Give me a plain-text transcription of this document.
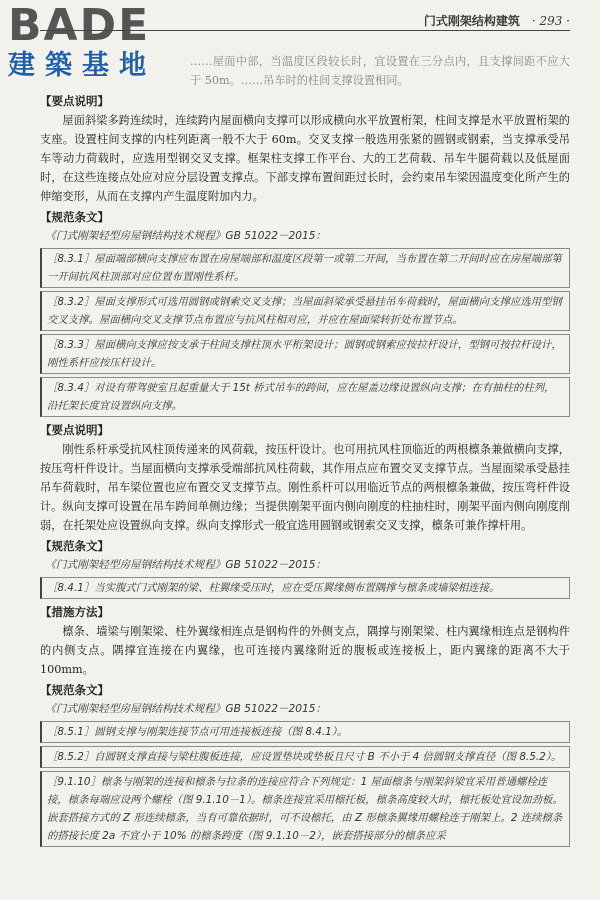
BADE
建築基地
门式刚架结构建筑 · 293 ·

……屋面中部，当温度区段较长时，宜设置在三分点内，且支撑间距不应大于 50m。……吊车时的柱间支撑设置相同。

【要点说明】
屋面斜梁多跨连续时，连续跨内屋面横向支撑可以形成横向水平放置桁架，柱间支撑是水平放置桁架的支座。设置柱间支撑的内柱列距离一般不大于 60m。交叉支撑一般选用张紧的圆钢或钢索，当支撑承受吊车等动力荷载时，应选用型钢交叉支撑。框架柱支撑工作平台、大的工艺荷载、吊车牛腿荷载以及低屋面时，在这些连接点处应对应分层设置支撑点。下部支撑布置间距过长时，会约束吊车梁因温度变化所产生的伸缩变形，从而在支撑内产生温度附加内力。
【规范条文】
《门式刚架轻型房屋钢结构技术规程》GB 51022－2015：
［8.3.1］屋面端部横向支撑应布置在房屋端部和温度区段第一或第二开间，当布置在第二开间时应在房屋端部第一开间抗风柱顶部对应位置布置刚性系杆。
［8.3.2］屋面支撑形式可选用圆钢或钢索交叉支撑；当屋面斜梁承受悬挂吊车荷载时，屋面横向支撑应选用型钢交叉支撑。屋面横向交叉支撑节点布置应与抗风柱相对应，并应在屋面梁转折处布置节点。
［8.3.3］屋面横向支撑应按支承于柱间支撑柱顶水平桁架设计；圆钢或钢索应按拉杆设计，型钢可按拉杆设计，刚性系杆应按压杆设计。
［8.3.4］对设有带驾驶室且起重量大于 15t 桥式吊车的跨间，应在屋盖边缘设置纵向支撑；在有抽柱的柱列，沿托架长度宜设置纵向支撑。
【要点说明】
刚性系杆承受抗风柱顶传递来的风荷载，按压杆设计。也可用抗风柱顶临近的两根檩条兼做横向支撑，按压弯杆件设计。当屋面横向支撑承受端部抗风柱荷载，其作用点应布置交叉支撑节点。当屋面梁承受悬挂吊车荷载时，吊车梁位置也应布置交叉支撑节点。刚性系杆可以用临近节点的两根檩条兼做，按压弯杆件设计。纵向支撑可设置在吊车跨间单侧边缘；当提供刚架平面内侧向刚度的柱抽柱时，刚架平面内侧向刚度削弱，在托架处应设置纵向支撑。纵向支撑形式一般宜选用圆钢或钢索交叉支撑，檩条可兼作撑杆用。
【规范条文】
《门式刚架轻型房屋钢结构技术规程》GB 51022－2015：
［8.4.1］当实腹式门式刚架的梁、柱翼缘受压时，应在受压翼缘侧布置隅撑与檩条或墙梁相连接。
【措施方法】
檩条、墙梁与刚架梁、柱外翼缘相连点是钢构件的外侧支点，隅撑与刚架梁、柱内翼缘相连点是钢构件的内侧支点。隅撑宜连接在内翼缘，也可连接内翼缘附近的腹板或连接板上，距内翼缘的距离不大于 100mm。
【规范条文】
《门式刚架轻型房屋钢结构技术规程》GB 51022－2015：
［8.5.1］圆钢支撑与刚架连接节点可用连接板连接（图 8.4.1）。
［8.5.2］自圆钢支撑直接与梁柱腹板连接，应设置垫块或垫板且尺寸 B 不小于 4 倍圆钢支撑直径（图 8.5.2）。
［9.1.10］檩条与刚架的连接和檩条与拉条的连接应符合下列规定：1 屋面檩条与刚架斜梁宜采用普通螺栓连接，檩条每端应设两个螺栓（图 9.1.10－1）。檩条连接宜采用檩托板，檩条高度较大时，檩托板处宜设加劲板。嵌套搭接方式的 Z 形连续檩条，当有可靠依据时，可不设檩托，由 Z 形檩条翼缘用螺栓连于刚架上。2 连续檩条的搭接长度 2a 不宜小于 10% 的檩条跨度（图 9.1.10－2），嵌套搭接部分的檩条应采
